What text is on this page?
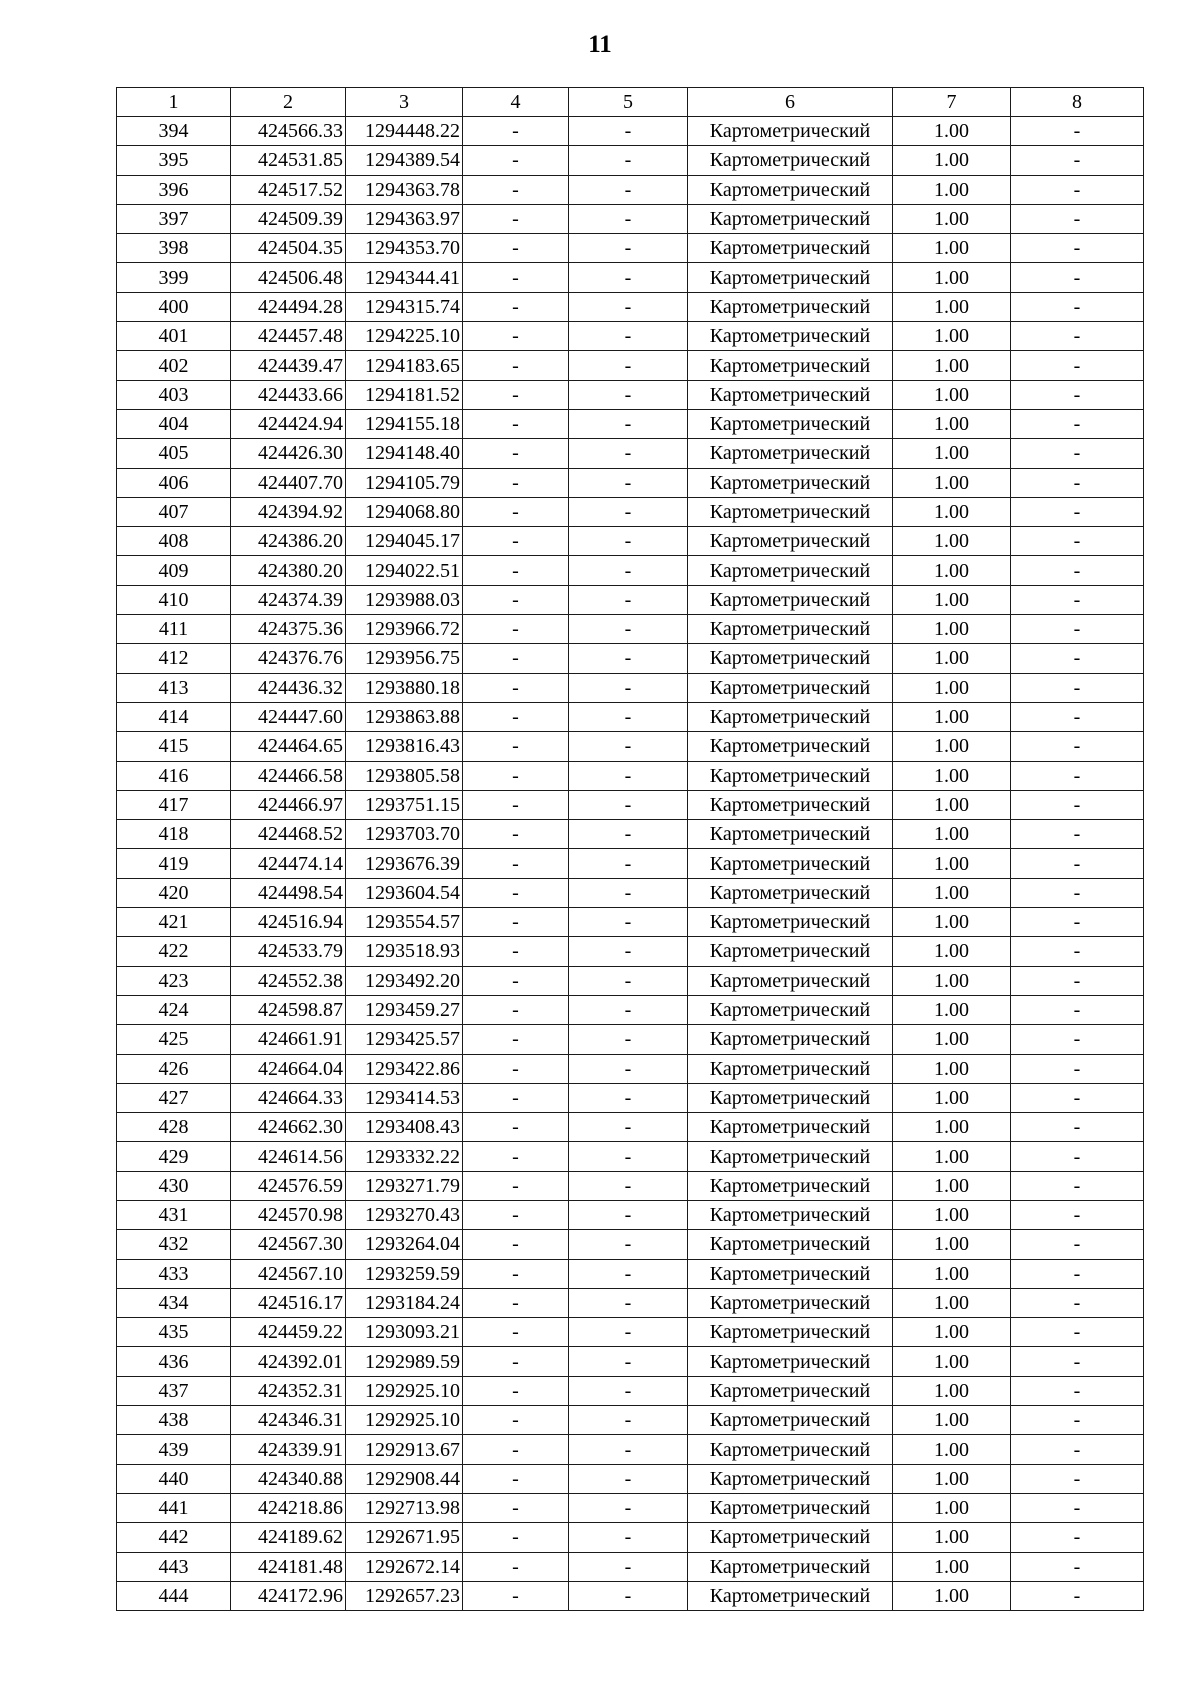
11
1	2	3	4	5	6	7	8
394	424566.33	1294448.22	-	-	Картометрический	1.00	-
395	424531.85	1294389.54	-	-	Картометрический	1.00	-
396	424517.52	1294363.78	-	-	Картометрический	1.00	-
397	424509.39	1294363.97	-	-	Картометрический	1.00	-
398	424504.35	1294353.70	-	-	Картометрический	1.00	-
399	424506.48	1294344.41	-	-	Картометрический	1.00	-
400	424494.28	1294315.74	-	-	Картометрический	1.00	-
401	424457.48	1294225.10	-	-	Картометрический	1.00	-
402	424439.47	1294183.65	-	-	Картометрический	1.00	-
403	424433.66	1294181.52	-	-	Картометрический	1.00	-
404	424424.94	1294155.18	-	-	Картометрический	1.00	-
405	424426.30	1294148.40	-	-	Картометрический	1.00	-
406	424407.70	1294105.79	-	-	Картометрический	1.00	-
407	424394.92	1294068.80	-	-	Картометрический	1.00	-
408	424386.20	1294045.17	-	-	Картометрический	1.00	-
409	424380.20	1294022.51	-	-	Картометрический	1.00	-
410	424374.39	1293988.03	-	-	Картометрический	1.00	-
411	424375.36	1293966.72	-	-	Картометрический	1.00	-
412	424376.76	1293956.75	-	-	Картометрический	1.00	-
413	424436.32	1293880.18	-	-	Картометрический	1.00	-
414	424447.60	1293863.88	-	-	Картометрический	1.00	-
415	424464.65	1293816.43	-	-	Картометрический	1.00	-
416	424466.58	1293805.58	-	-	Картометрический	1.00	-
417	424466.97	1293751.15	-	-	Картометрический	1.00	-
418	424468.52	1293703.70	-	-	Картометрический	1.00	-
419	424474.14	1293676.39	-	-	Картометрический	1.00	-
420	424498.54	1293604.54	-	-	Картометрический	1.00	-
421	424516.94	1293554.57	-	-	Картометрический	1.00	-
422	424533.79	1293518.93	-	-	Картометрический	1.00	-
423	424552.38	1293492.20	-	-	Картометрический	1.00	-
424	424598.87	1293459.27	-	-	Картометрический	1.00	-
425	424661.91	1293425.57	-	-	Картометрический	1.00	-
426	424664.04	1293422.86	-	-	Картометрический	1.00	-
427	424664.33	1293414.53	-	-	Картометрический	1.00	-
428	424662.30	1293408.43	-	-	Картометрический	1.00	-
429	424614.56	1293332.22	-	-	Картометрический	1.00	-
430	424576.59	1293271.79	-	-	Картометрический	1.00	-
431	424570.98	1293270.43	-	-	Картометрический	1.00	-
432	424567.30	1293264.04	-	-	Картометрический	1.00	-
433	424567.10	1293259.59	-	-	Картометрический	1.00	-
434	424516.17	1293184.24	-	-	Картометрический	1.00	-
435	424459.22	1293093.21	-	-	Картометрический	1.00	-
436	424392.01	1292989.59	-	-	Картометрический	1.00	-
437	424352.31	1292925.10	-	-	Картометрический	1.00	-
438	424346.31	1292925.10	-	-	Картометрический	1.00	-
439	424339.91	1292913.67	-	-	Картометрический	1.00	-
440	424340.88	1292908.44	-	-	Картометрический	1.00	-
441	424218.86	1292713.98	-	-	Картометрический	1.00	-
442	424189.62	1292671.95	-	-	Картометрический	1.00	-
443	424181.48	1292672.14	-	-	Картометрический	1.00	-
444	424172.96	1292657.23	-	-	Картометрический	1.00	-
